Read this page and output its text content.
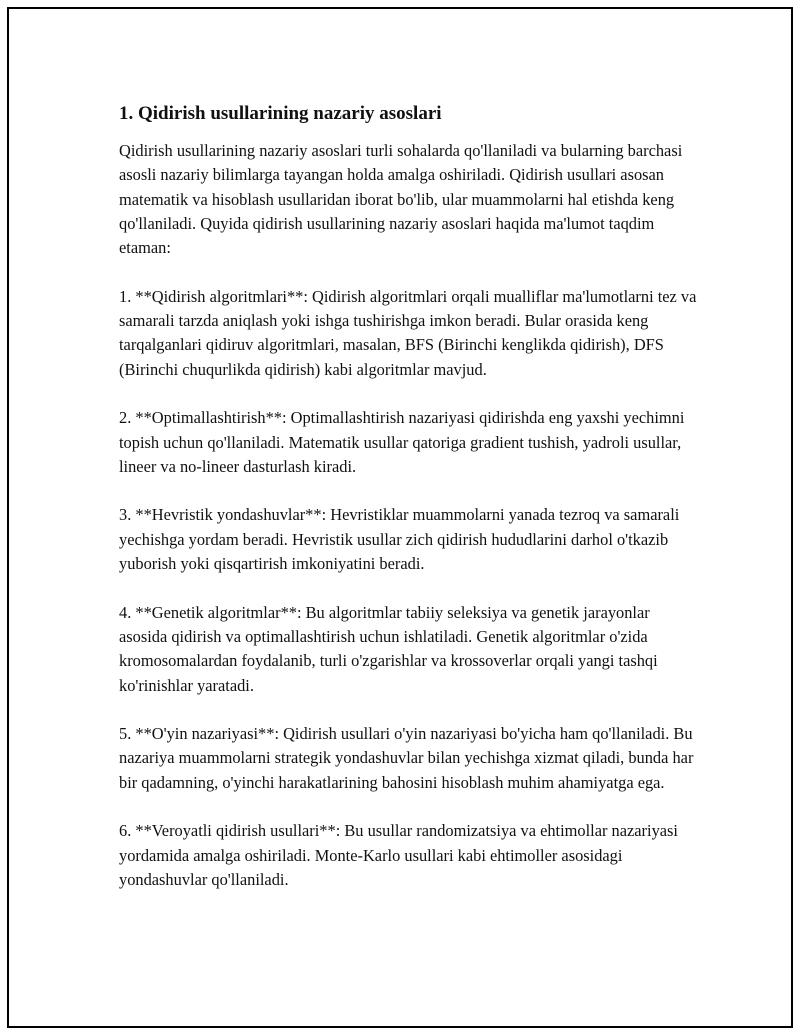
1. Qidirish usullarining nazariy asoslari

Qidirish usullarining nazariy asoslari turli sohalarda qo'llaniladi va bularning barchasi asosli nazariy bilimlarga tayangan holda amalga oshiriladi. Qidirish usullari asosan matematik va hisoblash usullaridan iborat bo'lib, ular muammolarni hal etishda keng qo'llaniladi. Quyida qidirish usullarining nazariy asoslari haqida ma'lumot taqdim etaman:

1. **Qidirish algoritmlari**: Qidirish algoritmlari orqali mualliflar ma'lumotlarni tez va samarali tarzda aniqlash yoki ishga tushirishga imkon beradi. Bular orasida keng tarqalganlari qidiruv algoritmlari, masalan, BFS (Birinchi kenglikda qidirish), DFS (Birinchi chuqurlikda qidirish) kabi algoritmlar mavjud.

2. **Optimallashtirish**: Optimallashtirish nazariyasi qidirishda eng yaxshi yechimni topish uchun qo'llaniladi. Matematik usullar qatoriga gradient tushish, yadroli usullar, lineer va no-lineer dasturlash kiradi.

3. **Hevristik yondashuvlar**: Hevristiklar muammolarni yanada tezroq va samarali yechishga yordam beradi. Hevristik usullar zich qidirish hududlarini darhol o'tkazib yuborish yoki qisqartirish imkoniyatini beradi.

4. **Genetik algoritmlar**: Bu algoritmlar tabiiy seleksiya va genetik jarayonlar asosida qidirish va optimallashtirish uchun ishlatiladi. Genetik algoritmlar o'zida kromosomalardan foydalanib, turli o'zgarishlar va krossoverlar orqali yangi tashqi ko'rinishlar yaratadi.

5. **O'yin nazariyasi**: Qidirish usullari o'yin nazariyasi bo'yicha ham qo'llaniladi. Bu nazariya muammolarni strategik yondashuvlar bilan yechishga xizmat qiladi, bunda har bir qadamning, o'yinchi harakatlarining bahosini hisoblash muhim ahamiyatga ega.

6. **Veroyatli qidirish usullari**: Bu usullar randomizatsiya va ehtimollar nazariyasi yordamida amalga oshiriladi. Monte-Karlo usullari kabi ehtimoller asosidagi yondashuvlar qo'llaniladi.
